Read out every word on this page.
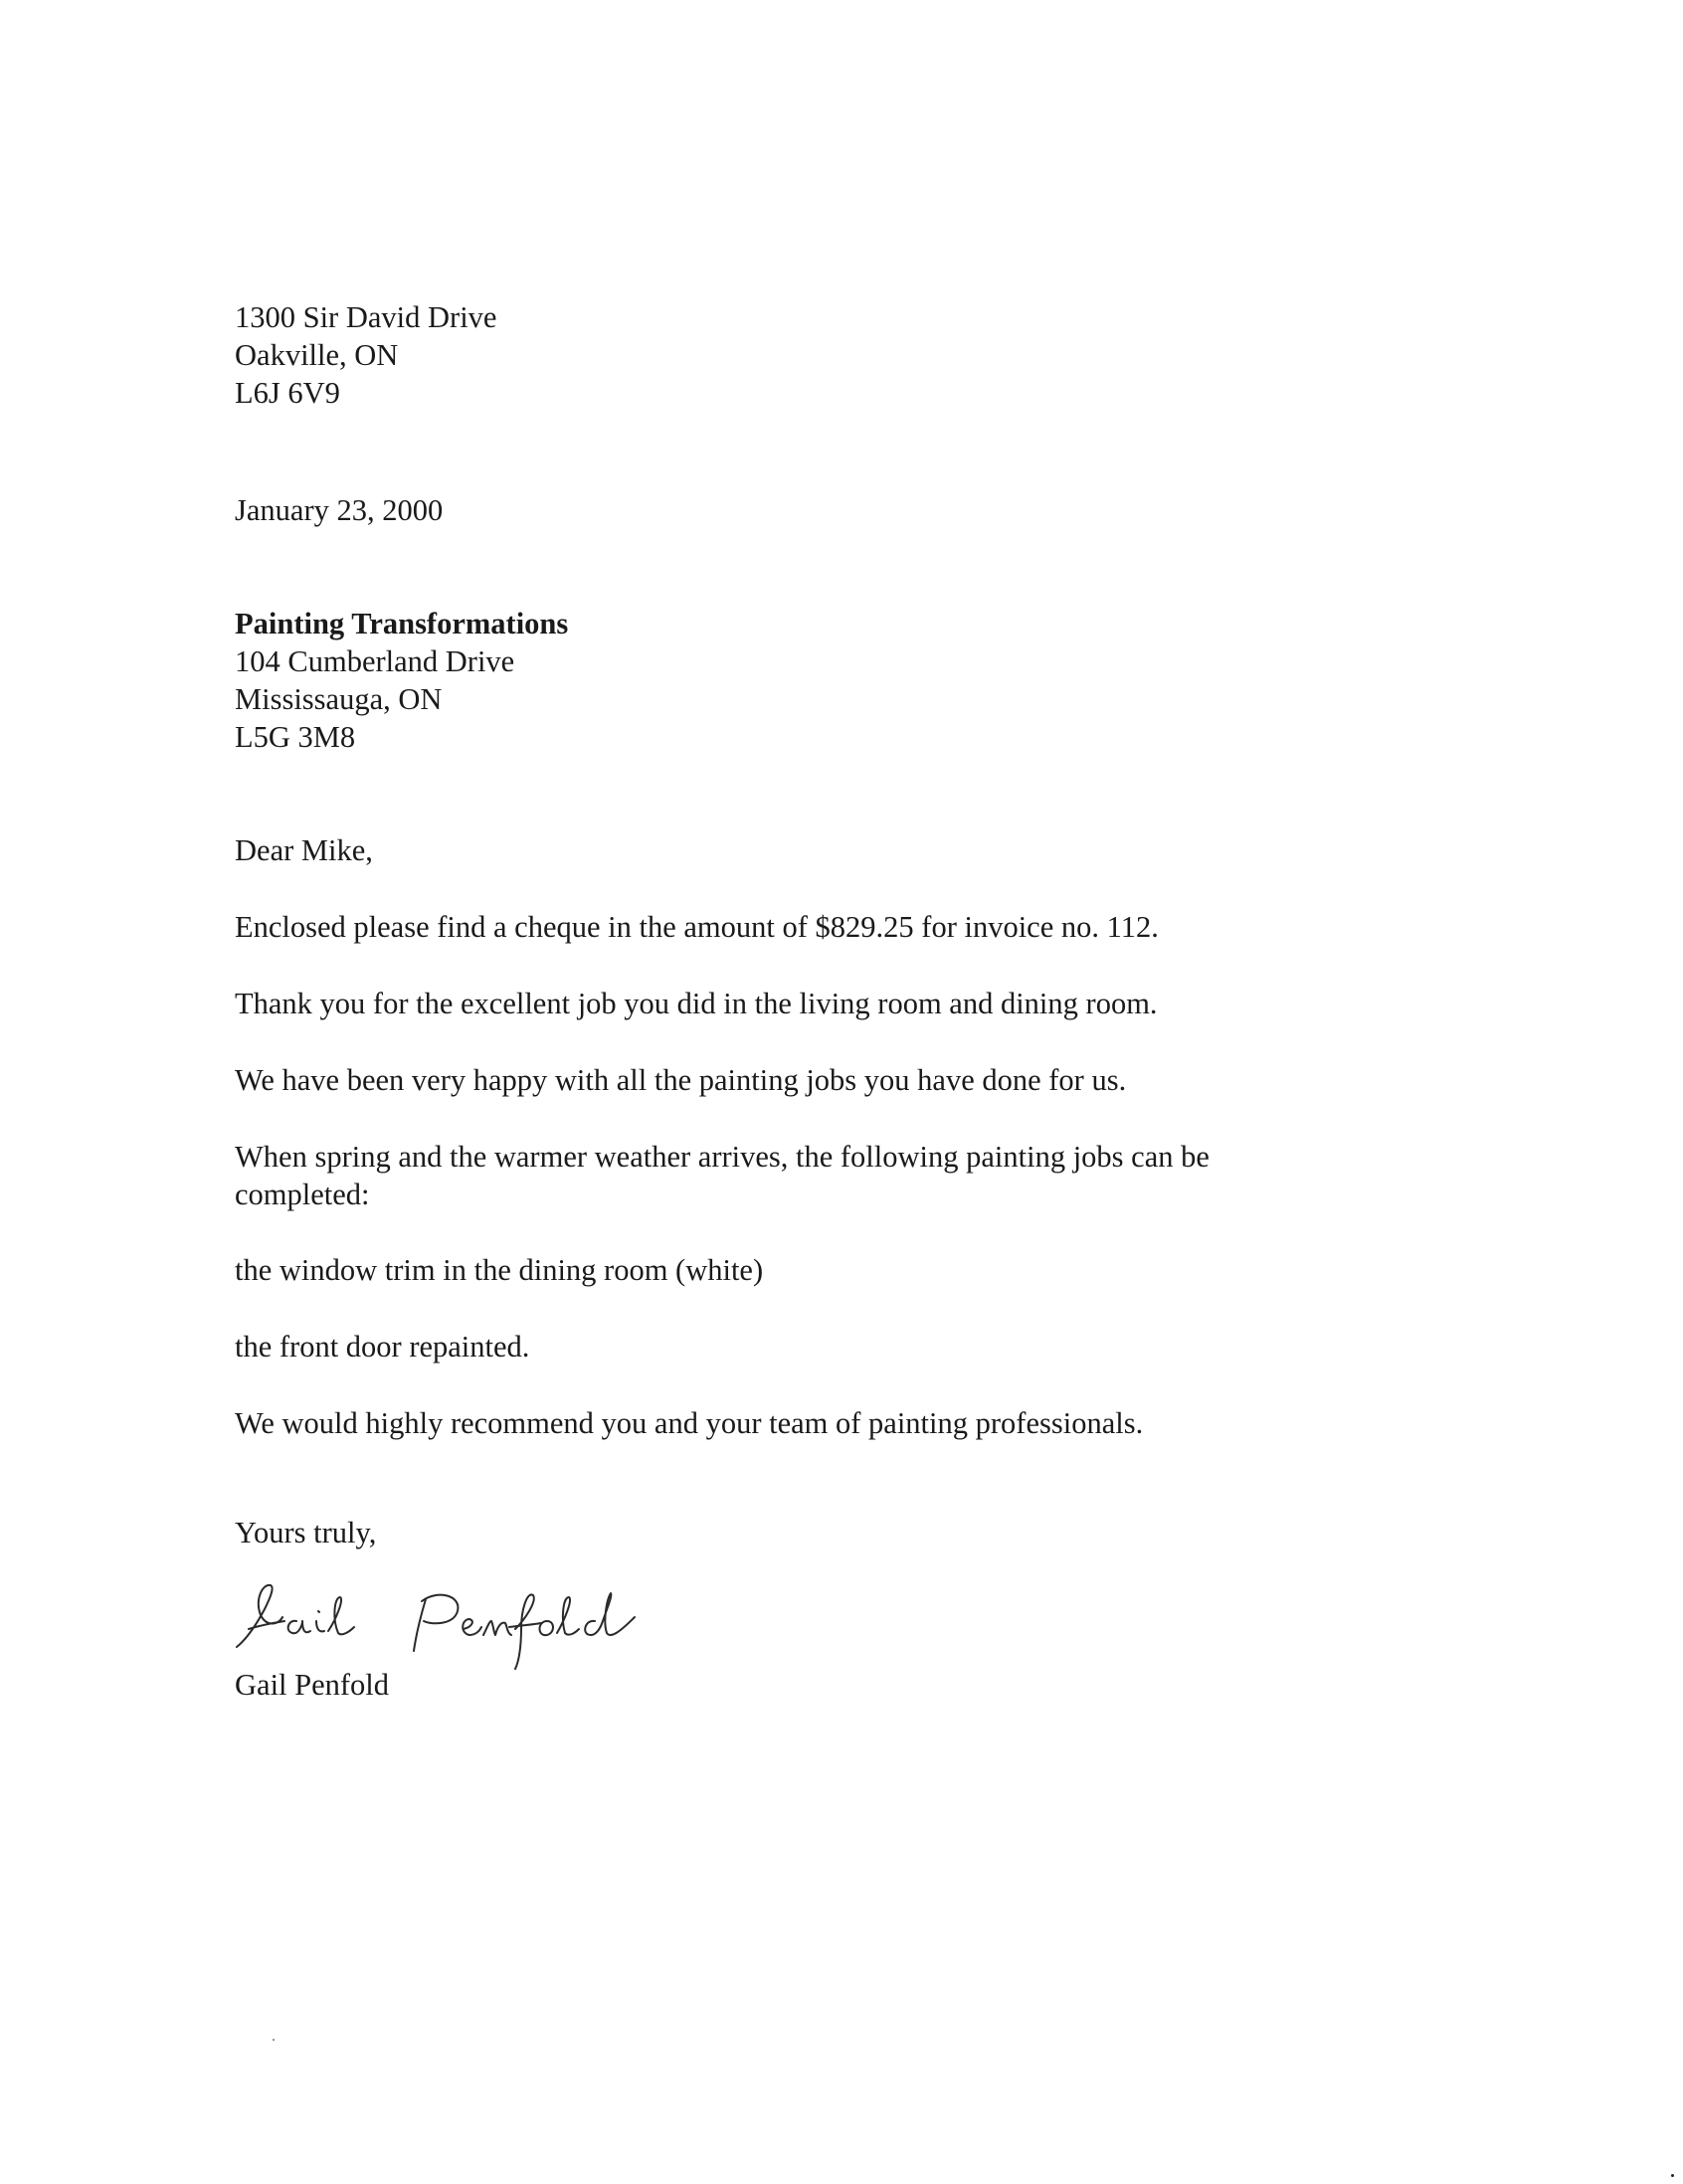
1300 Sir David Drive
Oakville, ON
L6J 6V9

January 23, 2000

Painting Transformations
104 Cumberland Drive
Mississauga, ON
L5G 3M8

Dear Mike,

Enclosed please find a cheque in the amount of $829.25 for invoice no. 112.

Thank you for the excellent job you did in the living room and dining room.

We have been very happy with all the painting jobs you have done for us.

When spring and the warmer weather arrives, the following painting jobs can be
completed:

the window trim in the dining room (white)

the front door repainted.

We would highly recommend you and your team of painting professionals.

Yours truly,

Gail Penfold
